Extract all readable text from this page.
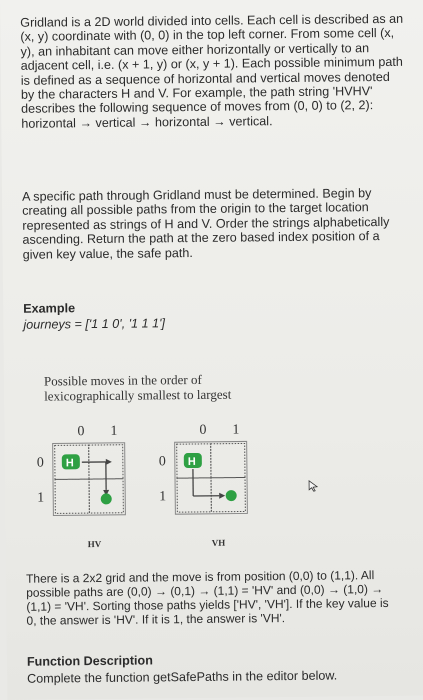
Gridland is a 2D world divided into cells. Each cell is described as an

(x, y) coordinate with (0, 0) in the top left corner. From some cell (x,

y), an inhabitant can move either horizontally or vertically to an

adjacent cell, i.e. (x + 1, y) or (x, y + 1). Each possible minimum path

is defined as a sequence of horizontal and vertical moves denoted

by the characters H and V. For example, the path string 'HVHV'

describes the following sequence of moves from (0, 0) to (2, 2):

horizontal → vertical → horizontal → vertical.

A specific path through Gridland must be determined. Begin by

creating all possible paths from the origin to the target location

represented as strings of H and V. Order the strings alphabetically

ascending. Return the path at the zero based index position of a

given key value, the safe path.

Example

journeys = ['1 1 0', '1 1 1']

Possible moves in the order of
lexicographically smallest to largest
0 1
0
1
H
0 1
0
1
H
HV	VH

There is a 2x2 grid and the move is from position (0,0) to (1,1). All

possible paths are (0,0) → (0,1) → (1,1) = 'HV' and (0,0) → (1,0) →

(1,1) = 'VH'. Sorting those paths yields ['HV', 'VH']. If the key value is

0, the answer is 'HV'. If it is 1, the answer is 'VH'.

Function Description

Complete the function getSafePaths in the editor below.
